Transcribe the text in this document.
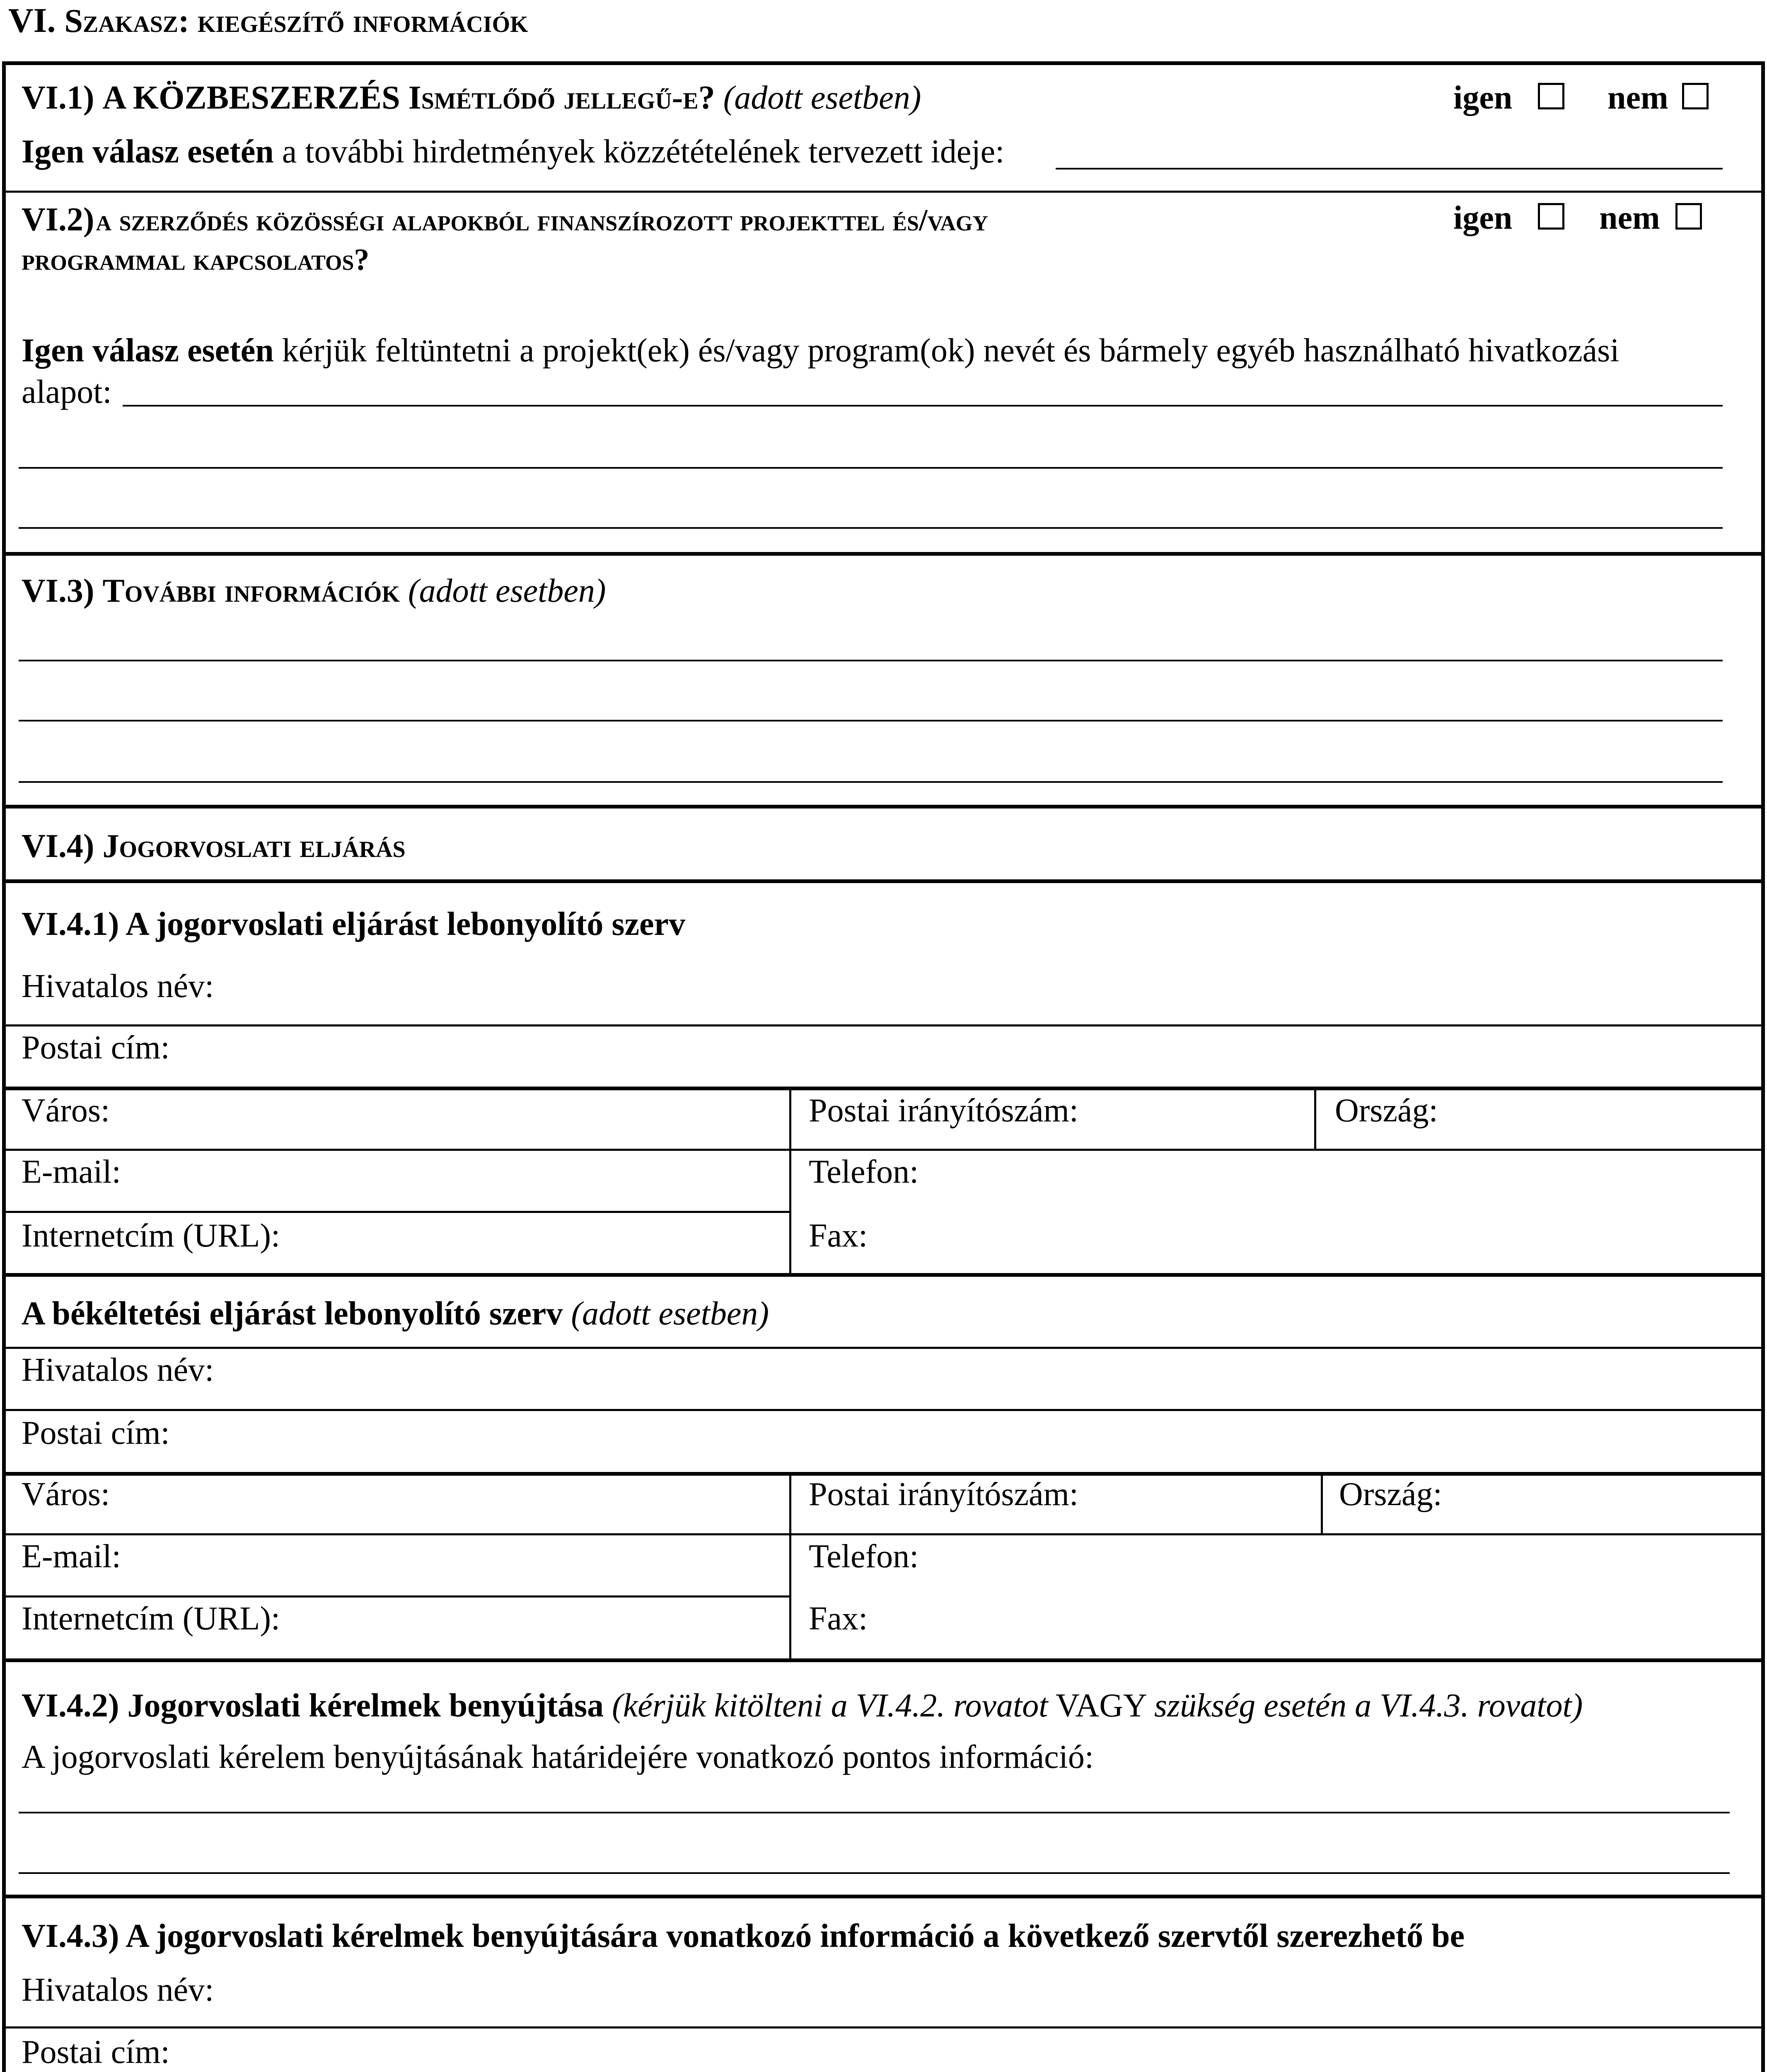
VI. Szakasz: kiegészítő információk
VI.1) A KÖZBESZERZÉS Ismétlődő jellegű-e? (adott esetben)	igen	nem
Igen válasz esetén a további hirdetmények közzétételének tervezett ideje:
VI.2) a szerződés közösségi alapokból finanszírozott projekttel és/vagy
programmal kapcsolatos?
igen	nem
Igen válasz esetén kérjük feltüntetni a projekt(ek) és/vagy program(ok) nevét és bármely egyéb használható hivatkozási
alapot:
VI.3) További információk (adott esetben)
VI.4) Jogorvoslati eljárás
VI.4.1) A jogorvoslati eljárást lebonyolító szerv
Hivatalos név:
Postai cím:
Város:	Postai irányítószám:	Ország:
E-mail:	Telefon:
Internetcím (URL):	Fax:
A békéltetési eljárást lebonyolító szerv (adott esetben)
Hivatalos név:
Postai cím:
Város:	Postai irányítószám:	Ország:
E-mail:	Telefon:
Internetcím (URL):	Fax:
VI.4.2) Jogorvoslati kérelmek benyújtása (kérjük kitölteni a VI.4.2. rovatot VAGY szükség esetén a VI.4.3. rovatot)
A jogorvoslati kérelem benyújtásának határidejére vonatkozó pontos információ:
VI.4.3) A jogorvoslati kérelmek benyújtására vonatkozó információ a következő szervtől szerezhető be
Hivatalos név:
Postai cím:
